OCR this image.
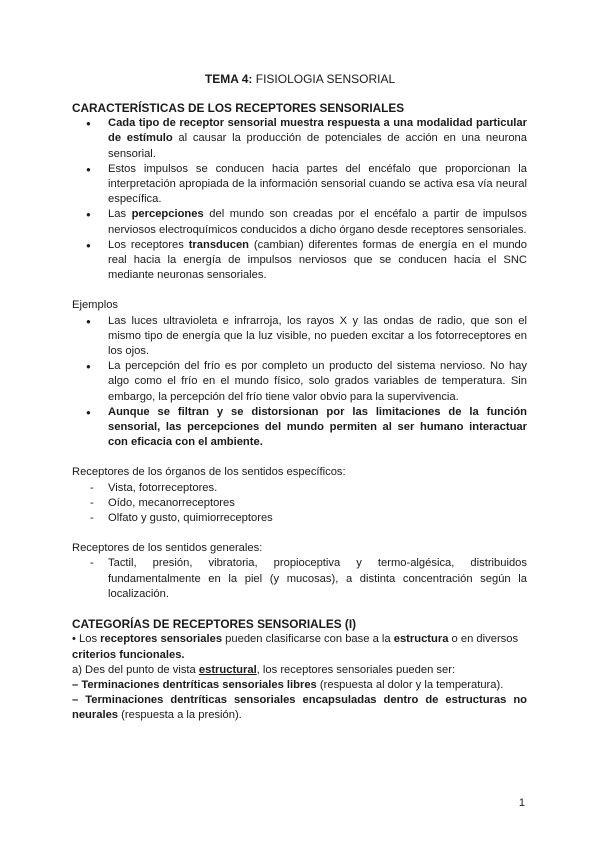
TEMA 4: FISIOLOGIA SENSORIAL
CARACTERÍSTICAS DE LOS RECEPTORES SENSORIALES
● Cada tipo de receptor sensorial muestra respuesta a una modalidad particular de estímulo al causar la producción de potenciales de acción en una neurona sensorial.
● Estos impulsos se conducen hacia partes del encéfalo que proporcionan la interpretación apropiada de la información sensorial cuando se activa esa vía neural específica.
● Las percepciones del mundo son creadas por el encéfalo a partir de impulsos nerviosos electroquímicos conducidos a dicho órgano desde receptores sensoriales.
● Los receptores transducen (cambian) diferentes formas de energía en el mundo real hacia la energía de impulsos nerviosos que se conducen hacia el SNC mediante neuronas sensoriales.

Ejemplos

● Las luces ultravioleta e infrarroja, los rayos X y las ondas de radio, que son el mismo tipo de energía que la luz visible, no pueden excitar a los fotorreceptores en los ojos.
● La percepción del frío es por completo un producto del sistema nervioso. No hay algo como el frío en el mundo físico, solo grados variables de temperatura. Sin embargo, la percepción del frío tiene valor obvio para la supervivencia.
● Aunque se filtran y se distorsionan por las limitaciones de la función sensorial, las percepciones del mundo permiten al ser humano interactuar con eficacia con el ambiente.

Receptores de los órganos de los sentidos específicos:

- Vista, fotorreceptores.
- Oído, mecanorreceptores
- Olfato y gusto, quimiorreceptores

Receptores de los sentidos generales:

- Tactil, presión, vibratoria, propioceptiva y termo-algésica, distribuidos fundamentalmente en la piel (y mucosas), a distinta concentración según la localización.
CATEGORÍAS DE RECEPTORES SENSORIALES (I)

• Los receptores sensoriales pueden clasificarse con base a la estructura o en diversos criterios funcionales.

a) Des del punto de vista estructural, los receptores sensoriales pueden ser:

– Terminaciones dentríticas sensoriales libres (respuesta al dolor y la temperatura).

– Terminaciones dentríticas sensoriales encapsuladas dentro de estructuras no neurales (respuesta a la presión).

1
